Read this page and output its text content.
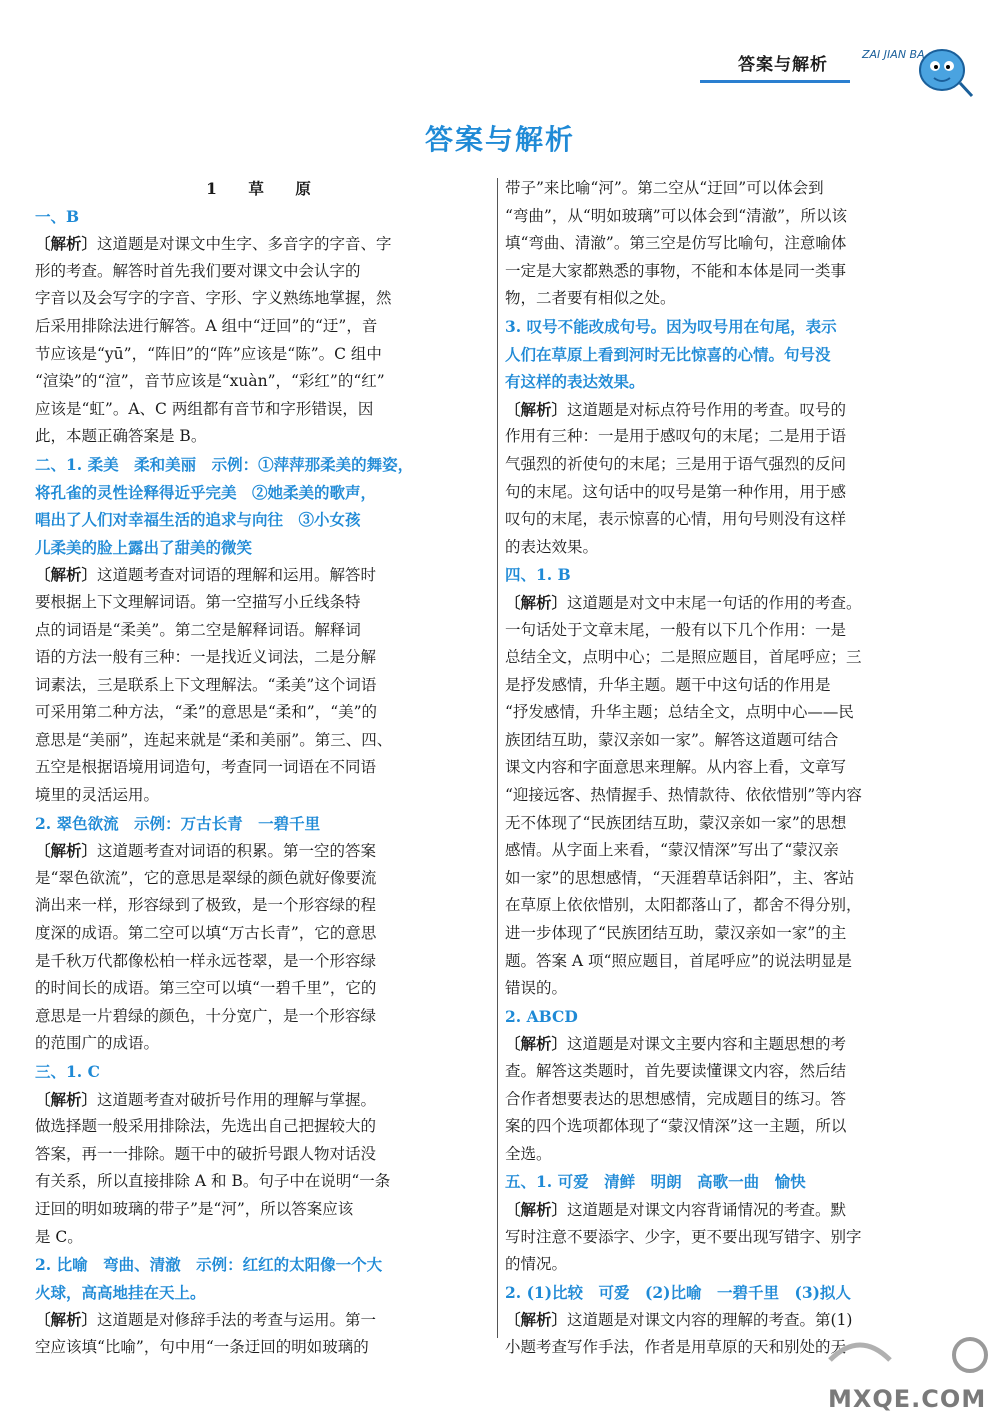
答案与解析
ZAI JIAN BA
答案与解析
1　草　原
一、B
〔解析〕这道题是对课文中生字、多音字的字音、字
形的考查。解答时首先我们要对课文中会认字的
字音以及会写字的字音、字形、字义熟练地掌握，然
后采用排除法进行解答。A 组中“迂回”的“迂”，音
节应该是“yū”，“阵旧”的“阵”应该是“陈”。C 组中
“渲染”的“渲”，音节应该是“xuàn”，“彩红”的“红”
应该是“虹”。A、C 两组都有音节和字形错误，因
此，本题正确答案是 B。
二、1. 柔美　柔和美丽　示例：①萍萍那柔美的舞姿，
将孔雀的灵性诠释得近乎完美　②她柔美的歌声，
唱出了人们对幸福生活的追求与向往　③小女孩
儿柔美的脸上露出了甜美的微笑
〔解析〕这道题考查对词语的理解和运用。解答时
要根据上下文理解词语。第一空描写小丘线条特
点的词语是“柔美”。第二空是解释词语。解释词
语的方法一般有三种：一是找近义词法，二是分解
词素法，三是联系上下文理解法。“柔美”这个词语
可采用第二种方法，“柔”的意思是“柔和”，“美”的
意思是“美丽”，连起来就是“柔和美丽”。第三、四、
五空是根据语境用词造句，考查同一词语在不同语
境里的灵活运用。
2. 翠色欲流　示例：万古长青　一碧千里
〔解析〕这道题考查对词语的积累。第一空的答案
是“翠色欲流”，它的意思是翠绿的颜色就好像要流
淌出来一样，形容绿到了极致，是一个形容绿的程
度深的成语。第二空可以填“万古长青”，它的意思
是千秋万代都像松柏一样永远苍翠，是一个形容绿
的时间长的成语。第三空可以填“一碧千里”，它的
意思是一片碧绿的颜色，十分宽广，是一个形容绿
的范围广的成语。
三、1. C
〔解析〕这道题考查对破折号作用的理解与掌握。
做选择题一般采用排除法，先选出自己把握较大的
答案，再一一排除。题干中的破折号跟人物对话没
有关系，所以直接排除 A 和 B。句子中在说明“一条
迂回的明如玻璃的带子”是“河”，所以答案应该
是 C。
2. 比喻　弯曲、清澈　示例：红红的太阳像一个大
火球，高高地挂在天上。
〔解析〕这道题是对修辞手法的考查与运用。第一
空应该填“比喻”，句中用“一条迂回的明如玻璃的
带子”来比喻“河”。第二空从“迂回”可以体会到
“弯曲”，从“明如玻璃”可以体会到“清澈”，所以该
填“弯曲、清澈”。第三空是仿写比喻句，注意喻体
一定是大家都熟悉的事物，不能和本体是同一类事
物，二者要有相似之处。
3. 叹号不能改成句号。因为叹号用在句尾，表示
人们在草原上看到河时无比惊喜的心情。句号没
有这样的表达效果。
〔解析〕这道题是对标点符号作用的考查。叹号的
作用有三种：一是用于感叹句的末尾；二是用于语
气强烈的祈使句的末尾；三是用于语气强烈的反问
句的末尾。这句话中的叹号是第一种作用，用于感
叹句的末尾，表示惊喜的心情，用句号则没有这样
的表达效果。
四、1. B
〔解析〕这道题是对文中末尾一句话的作用的考查。
一句话处于文章末尾，一般有以下几个作用：一是
总结全文，点明中心；二是照应题目，首尾呼应；三
是抒发感情，升华主题。题干中这句话的作用是
“抒发感情，升华主题；总结全文，点明中心——民
族团结互助，蒙汉亲如一家”。解答这道题可结合
课文内容和字面意思来理解。从内容上看，文章写
“迎接远客、热情握手、热情款待、依依惜别”等内容
无不体现了“民族团结互助，蒙汉亲如一家”的思想
感情。从字面上来看，“蒙汉情深”写出了“蒙汉亲
如一家”的思想感情，“天涯碧草话斜阳”，主、客站
在草原上依依惜别，太阳都落山了，都舍不得分别，
进一步体现了“民族团结互助，蒙汉亲如一家”的主
题。答案 A 项“照应题目，首尾呼应”的说法明显是
错误的。
2. ABCD
〔解析〕这道题是对课文主要内容和主题思想的考
查。解答这类题时，首先要读懂课文内容，然后结
合作者想要表达的思想感情，完成题目的练习。答
案的四个选项都体现了“蒙汉情深”这一主题，所以
全选。
五、1. 可爱　清鲜　明朗　高歌一曲　愉快
〔解析〕这道题是对课文内容背诵情况的考查。默
写时注意不要添字、少字，更不要出现写错字、别字
的情况。
2. (1)比较　可爱　(2)比喻　一碧千里　(3)拟人
〔解析〕这道题是对课文内容的理解的考查。第(1)
小题考查写作手法，作者是用草原的天和别处的天
MXQE.COM
